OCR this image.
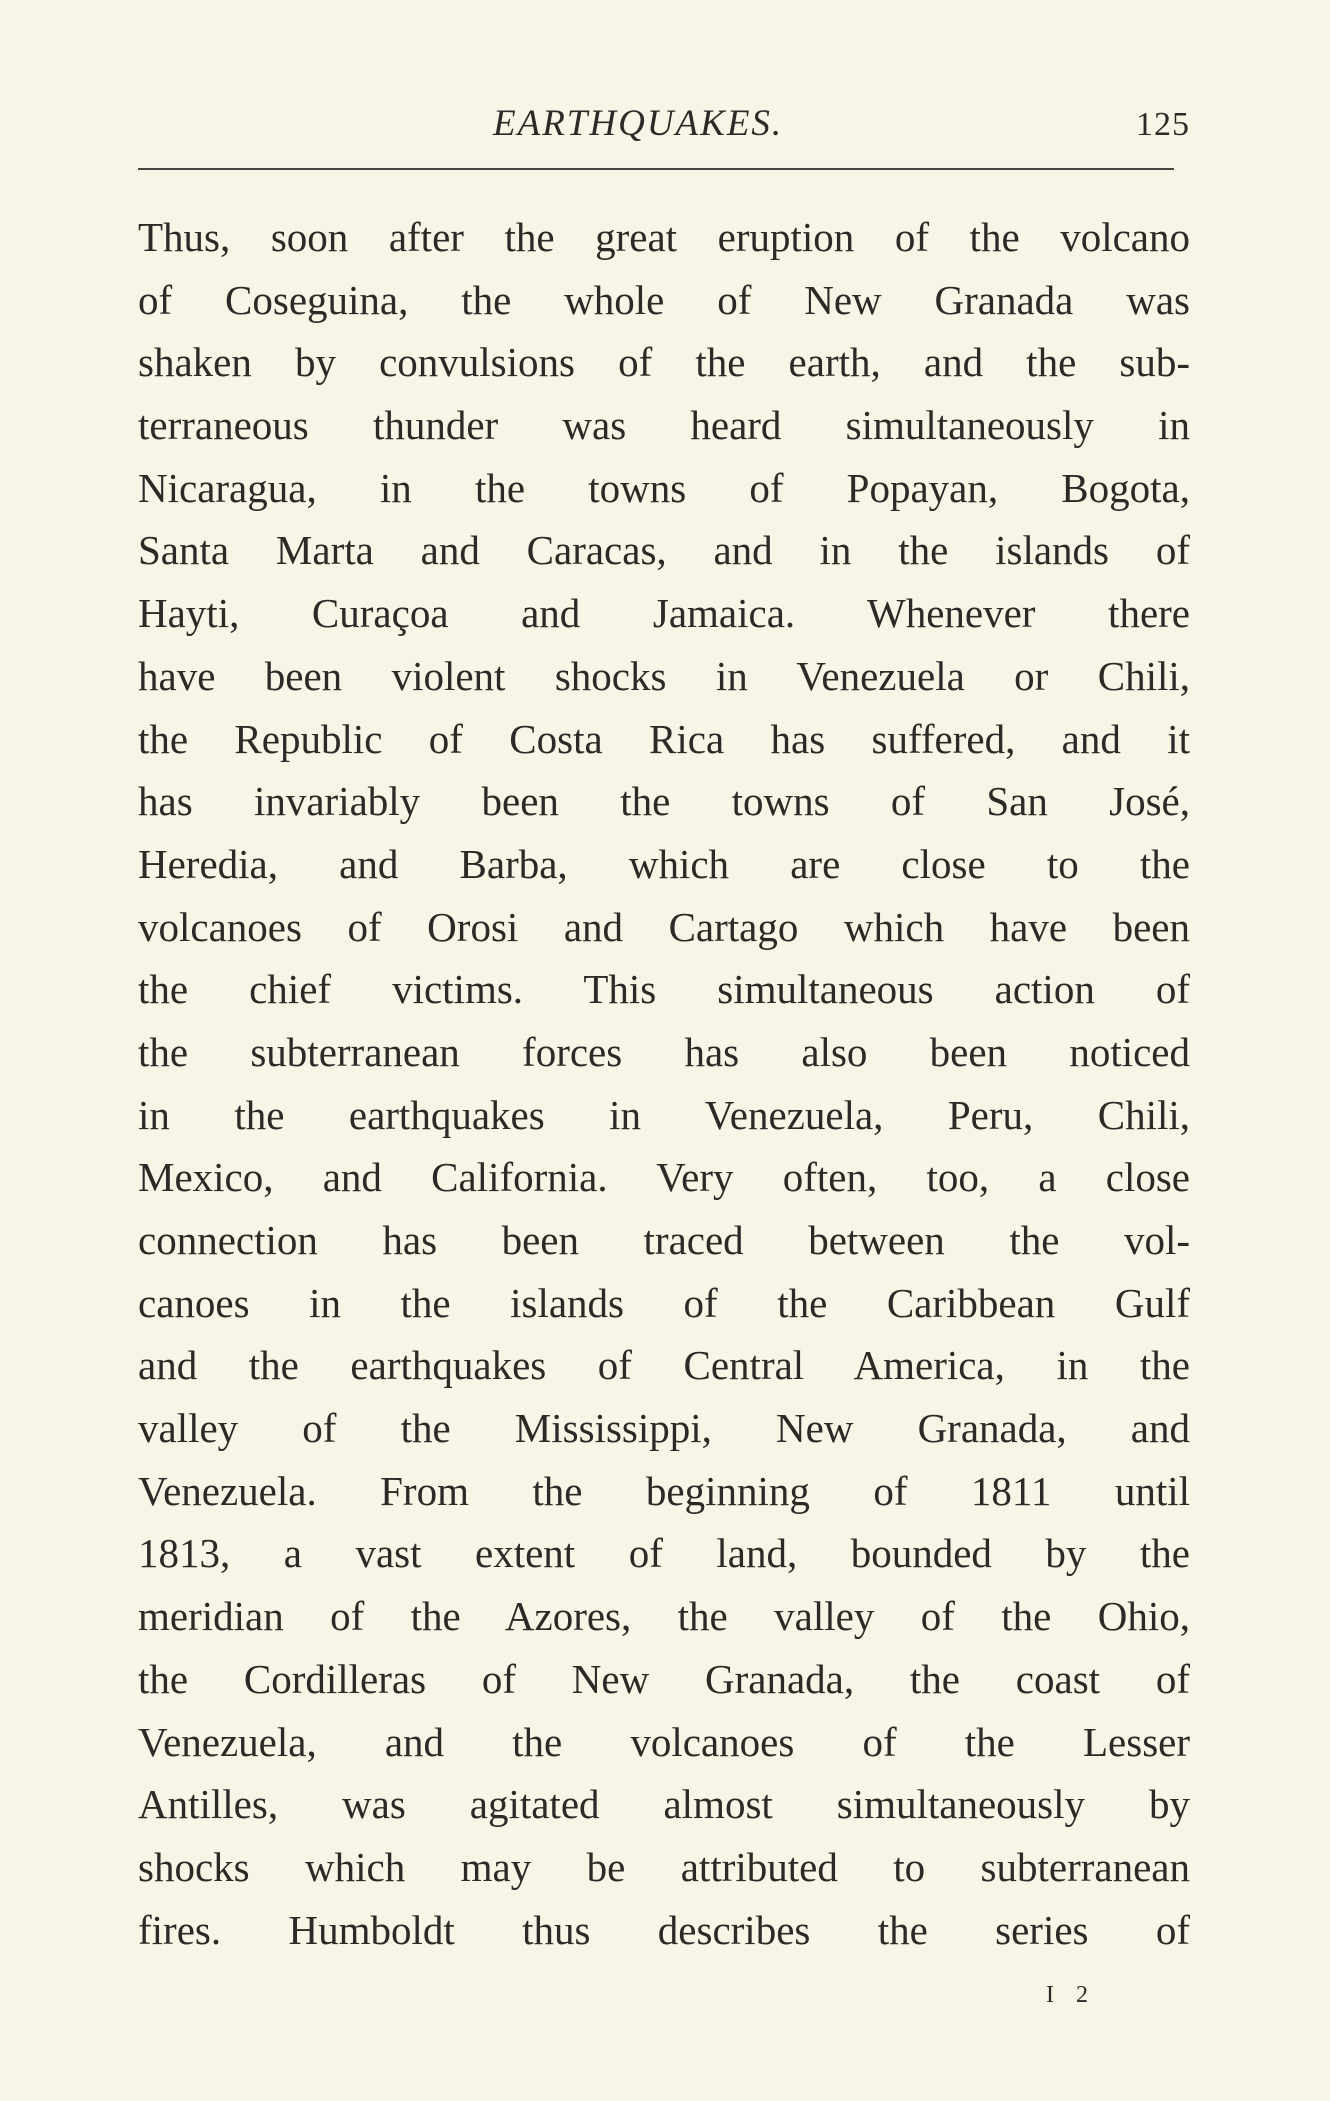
EARTHQUAKES.	125
Thus, soon after the great eruption of the volcano
of Coseguina, the whole of New Granada was
shaken by convulsions of the earth, and the sub-
terraneous thunder was heard simultaneously in
Nicaragua, in the towns of Popayan, Bogota,
Santa Marta and Caracas, and in the islands of
Hayti, Curaçoa and Jamaica. Whenever there
have been violent shocks in Venezuela or Chili,
the Republic of Costa Rica has suffered, and it
has invariably been the towns of San José,
Heredia, and Barba, which are close to the
volcanoes of Orosi and Cartago which have been
the chief victims. This simultaneous action of
the subterranean forces has also been noticed
in the earthquakes in Venezuela, Peru, Chili,
Mexico, and California. Very often, too, a close
connection has been traced between the vol-
canoes in the islands of the Caribbean Gulf
and the earthquakes of Central America, in the
valley of the Mississippi, New Granada, and
Venezuela. From the beginning of 1811 until
1813, a vast extent of land, bounded by the
meridian of the Azores, the valley of the Ohio,
the Cordilleras of New Granada, the coast of
Venezuela, and the volcanoes of the Lesser
Antilles, was agitated almost simultaneously by
shocks which may be attributed to subterranean
fires. Humboldt thus describes the series of
I 2
